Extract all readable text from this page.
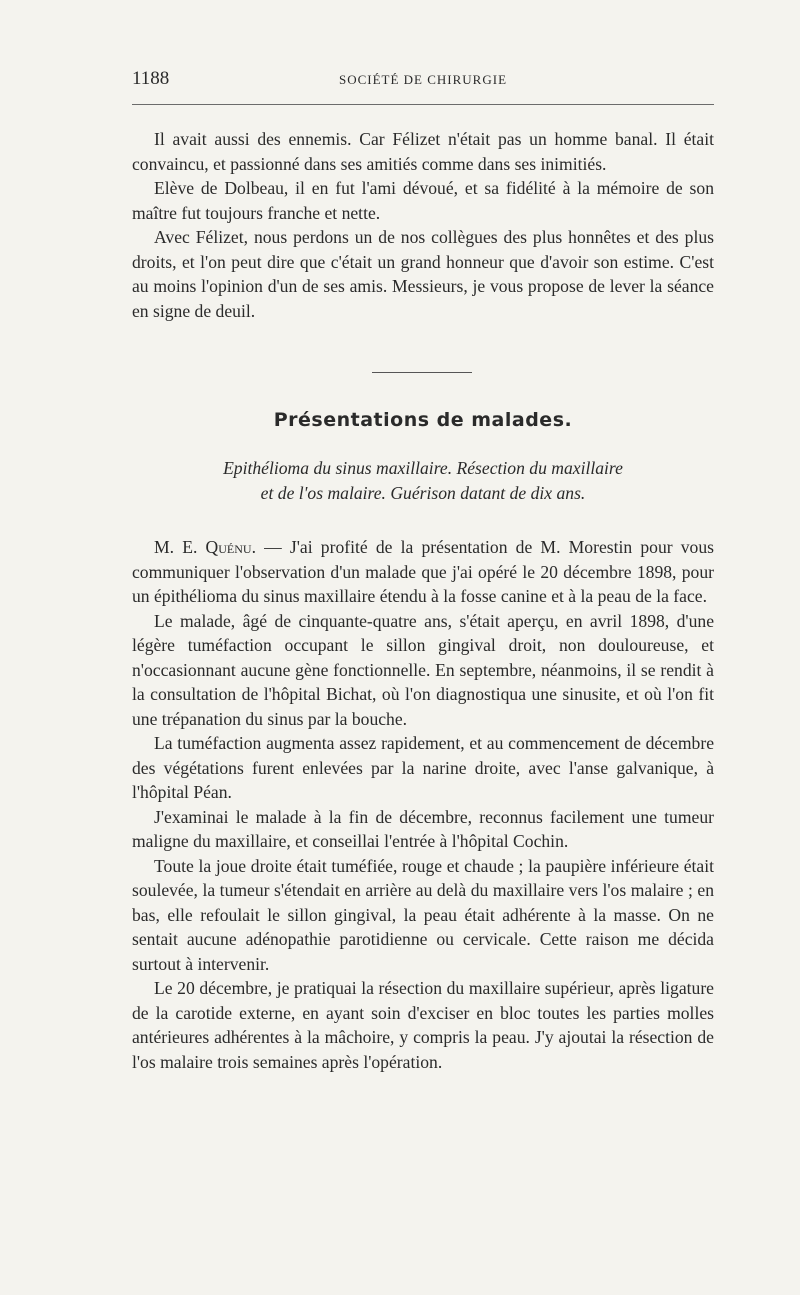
1188	SOCIÉTÉ DE CHIRURGIE

Il avait aussi des ennemis. Car Félizet n'était pas un homme banal. Il était convaincu, et passionné dans ses amitiés comme dans ses inimitiés.

Elève de Dolbeau, il en fut l'ami dévoué, et sa fidélité à la mémoire de son maître fut toujours franche et nette.

Avec Félizet, nous perdons un de nos collègues des plus honnêtes et des plus droits, et l'on peut dire que c'était un grand honneur que d'avoir son estime. C'est au moins l'opinion d'un de ses amis. Messieurs, je vous propose de lever la séance en signe de deuil.

Présentations de malades.
Epithélioma du sinus maxillaire. Résection du maxillaire
et de l'os malaire. Guérison datant de dix ans.

M. E. Quénu. — J'ai profité de la présentation de M. Morestin pour vous communiquer l'observation d'un malade que j'ai opéré le 20 décembre 1898, pour un épithélioma du sinus maxillaire étendu à la fosse canine et à la peau de la face.

Le malade, âgé de cinquante-quatre ans, s'était aperçu, en avril 1898, d'une légère tuméfaction occupant le sillon gingival droit, non douloureuse, et n'occasionnant aucune gène fonctionnelle. En septembre, néanmoins, il se rendit à la consultation de l'hôpital Bichat, où l'on diagnostiqua une sinusite, et où l'on fit une trépanation du sinus par la bouche.

La tuméfaction augmenta assez rapidement, et au commencement de décembre des végétations furent enlevées par la narine droite, avec l'anse galvanique, à l'hôpital Péan.

J'examinai le malade à la fin de décembre, reconnus facilement une tumeur maligne du maxillaire, et conseillai l'entrée à l'hôpital Cochin.

Toute la joue droite était tuméfiée, rouge et chaude ; la paupière inférieure était soulevée, la tumeur s'étendait en arrière au delà du maxillaire vers l'os malaire ; en bas, elle refoulait le sillon gingival, la peau était adhérente à la masse. On ne sentait aucune adénopathie parotidienne ou cervicale. Cette raison me décida surtout à intervenir.

Le 20 décembre, je pratiquai la résection du maxillaire supérieur, après ligature de la carotide externe, en ayant soin d'exciser en bloc toutes les parties molles antérieures adhérentes à la mâchoire, y compris la peau. J'y ajoutai la résection de l'os malaire trois semaines après l'opération.
